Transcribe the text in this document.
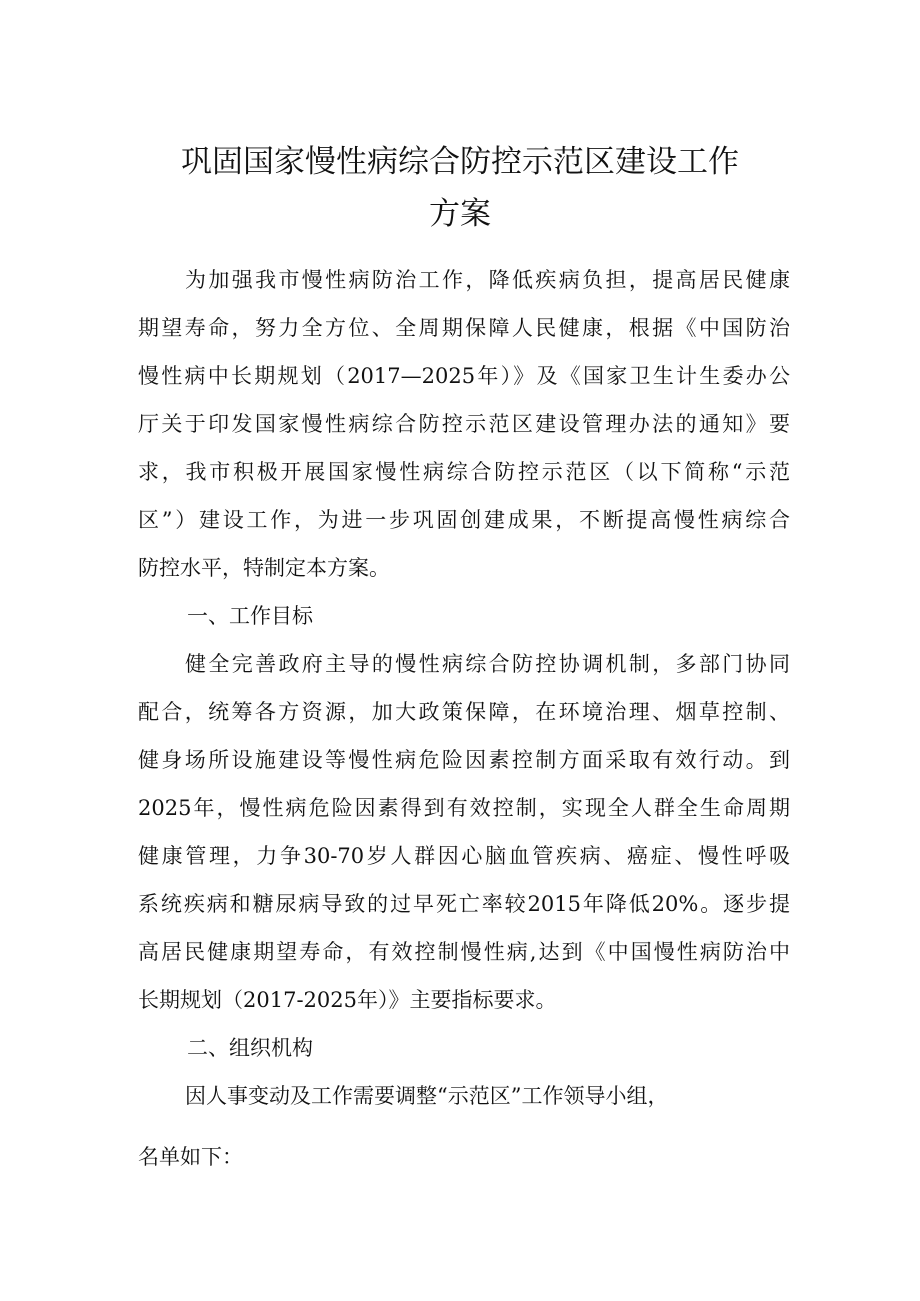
巩固国家慢性病综合防控示范区建设工作
方案
为加强我市慢性病防治工作，降低疾病负担，提高居民健康
期望寿命，努力全方位、全周期保障人民健康，根据《中国防治
慢性病中长期规划（2017—2025年）》及《国家卫生计生委办公
厅关于印发国家慢性病综合防控示范区建设管理办法的通知》要
求，我市积极开展国家慢性病综合防控示范区（以下简称“示范
区”）建设工作，为进一步巩固创建成果，不断提高慢性病综合
防控水平，特制定本方案。
一、工作目标
健全完善政府主导的慢性病综合防控协调机制，多部门协同
配合，统筹各方资源，加大政策保障，在环境治理、烟草控制、
健身场所设施建设等慢性病危险因素控制方面采取有效行动。到
2025年，慢性病危险因素得到有效控制，实现全人群全生命周期
健康管理，力争30-70岁人群因心脑血管疾病、癌症、慢性呼吸
系统疾病和糖尿病导致的过早死亡率较2015年降低20%。逐步提
高居民健康期望寿命，有效控制慢性病,达到《中国慢性病防治中
长期规划（2017-2025年）》主要指标要求。
二、组织机构
因人事变动及工作需要调整“示范区”工作领导小组，
名单如下：
